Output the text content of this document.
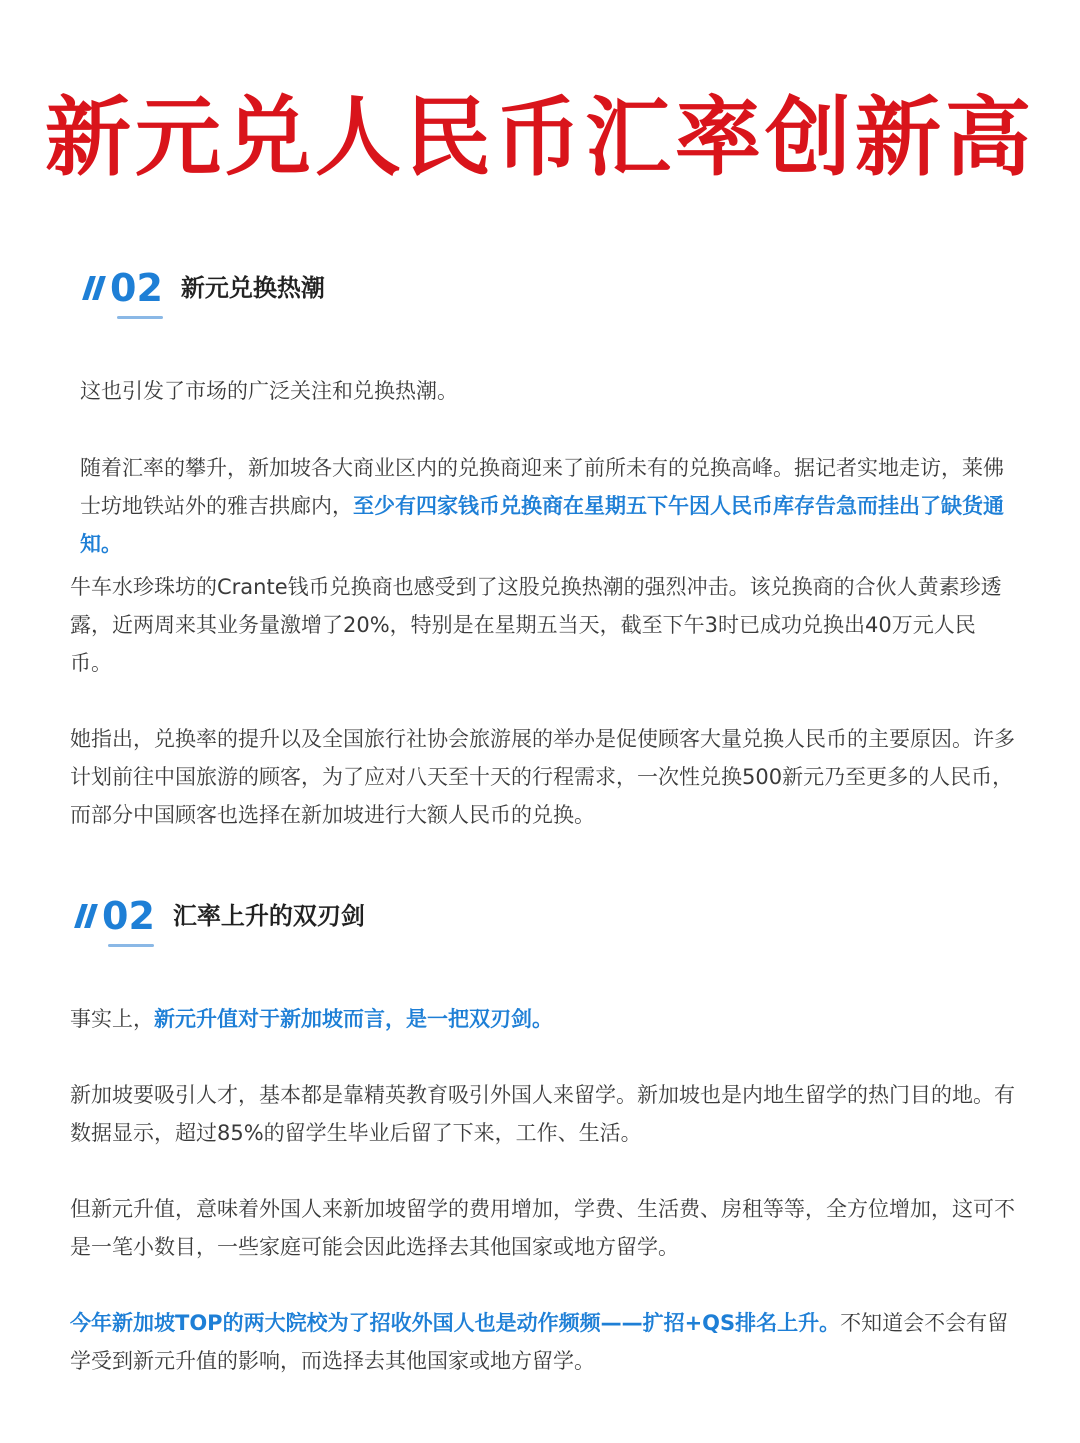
新元兑人民币汇率创新高
02 新元兑换热潮

这也引发了市场的广泛关注和兑换热潮。

随着汇率的攀升，新加坡各大商业区内的兑换商迎来了前所未有的兑换高峰。据记者实地走访，莱佛士坊地铁站外的雅吉拱廊内，至少有四家钱币兑换商在星期五下午因人民币库存告急而挂出了缺货通知。

牛车水珍珠坊的Crante钱币兑换商也感受到了这股兑换热潮的强烈冲击。该兑换商的合伙人黄素珍透露，近两周来其业务量激增了20%，特别是在星期五当天，截至下午3时已成功兑换出40万元人民币。

她指出，兑换率的提升以及全国旅行社协会旅游展的举办是促使顾客大量兑换人民币的主要原因。许多计划前往中国旅游的顾客，为了应对八天至十天的行程需求，一次性兑换500新元乃至更多的人民币，而部分中国顾客也选择在新加坡进行大额人民币的兑换。

02 汇率上升的双刃剑

事实上，新元升值对于新加坡而言，是一把双刃剑。

新加坡要吸引人才，基本都是靠精英教育吸引外国人来留学。新加坡也是内地生留学的热门目的地。有数据显示，超过85%的留学生毕业后留了下来，工作、生活。

但新元升值，意味着外国人来新加坡留学的费用增加，学费、生活费、房租等等，全方位增加，这可不是一笔小数目，一些家庭可能会因此选择去其他国家或地方留学。

今年新加坡TOP的两大院校为了招收外国人也是动作频频——扩招+QS排名上升。不知道会不会有留学受到新元升值的影响，而选择去其他国家或地方留学。
